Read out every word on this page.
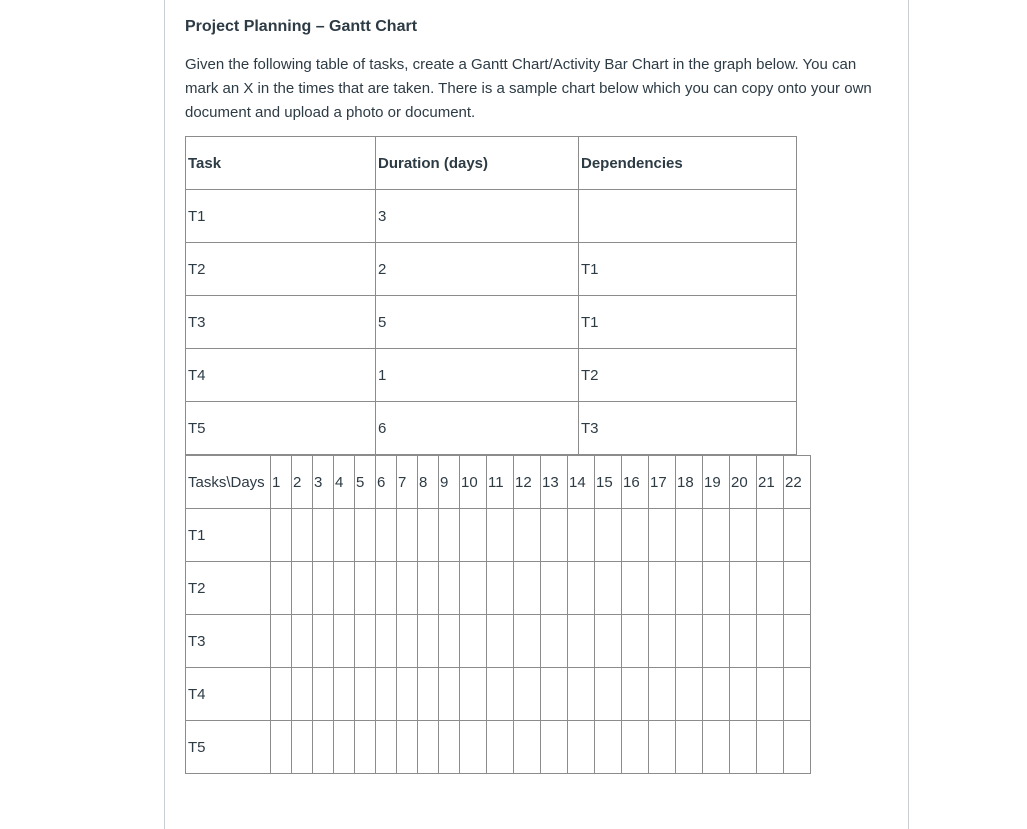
Project Planning – Gantt Chart

Given the following table of tasks, create a Gantt Chart/Activity Bar Chart in the graph below. You can mark an X in the times that are taken. There is a sample chart below which you can copy onto your own document and upload a photo or document.

Task	Duration (days)	Dependencies
T1	3	
T2	2	T1
T3	5	T1
T4	1	T2
T5	6	T3
Tasks\Days	1	2	3	4	5	6	7	8	9	10	11	12	13	14	15	16	17	18	19	20	21	22
T1																						
T2																						
T3																						
T4																						
T5																						
